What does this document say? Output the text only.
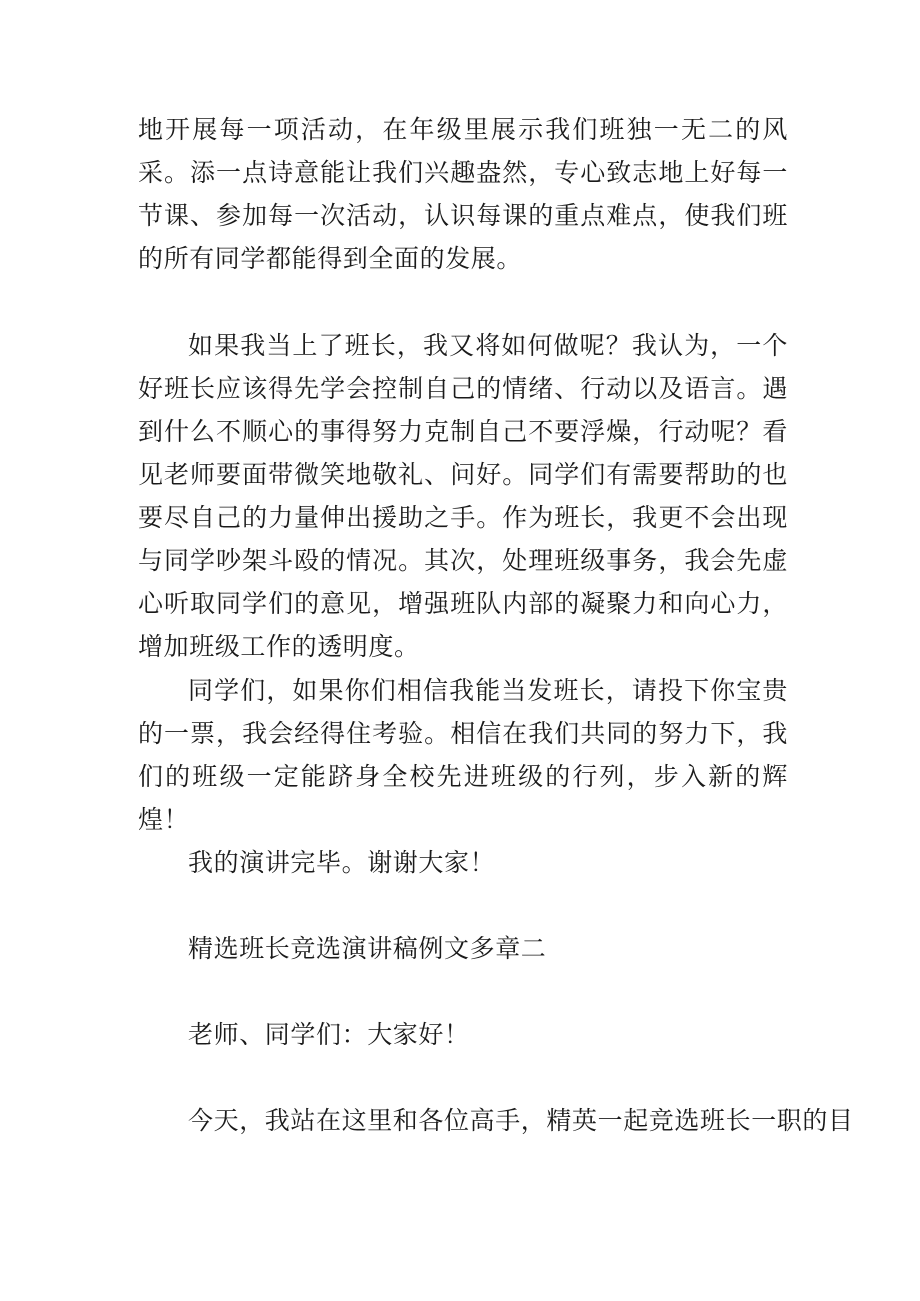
地开展每一项活动，在年级里展示我们班独一无二的风采。添一点诗意能让我们兴趣盎然，专心致志地上好每一节课、参加每一次活动，认识每课的重点难点，使我们班的所有同学都能得到全面的发展。

如果我当上了班长，我又将如何做呢？我认为，一个好班长应该得先学会控制自己的情绪、行动以及语言。遇到什么不顺心的事得努力克制自己不要浮燥，行动呢？看见老师要面带微笑地敬礼、问好。同学们有需要帮助的也要尽自己的力量伸出援助之手。作为班长，我更不会出现与同学吵架斗殴的情况。其次，处理班级事务，我会先虚心听取同学们的意见，增强班队内部的凝聚力和向心力，增加班级工作的透明度。

同学们，如果你们相信我能当发班长，请投下你宝贵的一票，我会经得住考验。相信在我们共同的努力下，我们的班级一定能跻身全校先进班级的行列，步入新的辉煌！

我的演讲完毕。谢谢大家！

精选班长竞选演讲稿例文多章二

老师、同学们：大家好！

今天，我站在这里和各位高手，精英一起竞选班长一职的目
